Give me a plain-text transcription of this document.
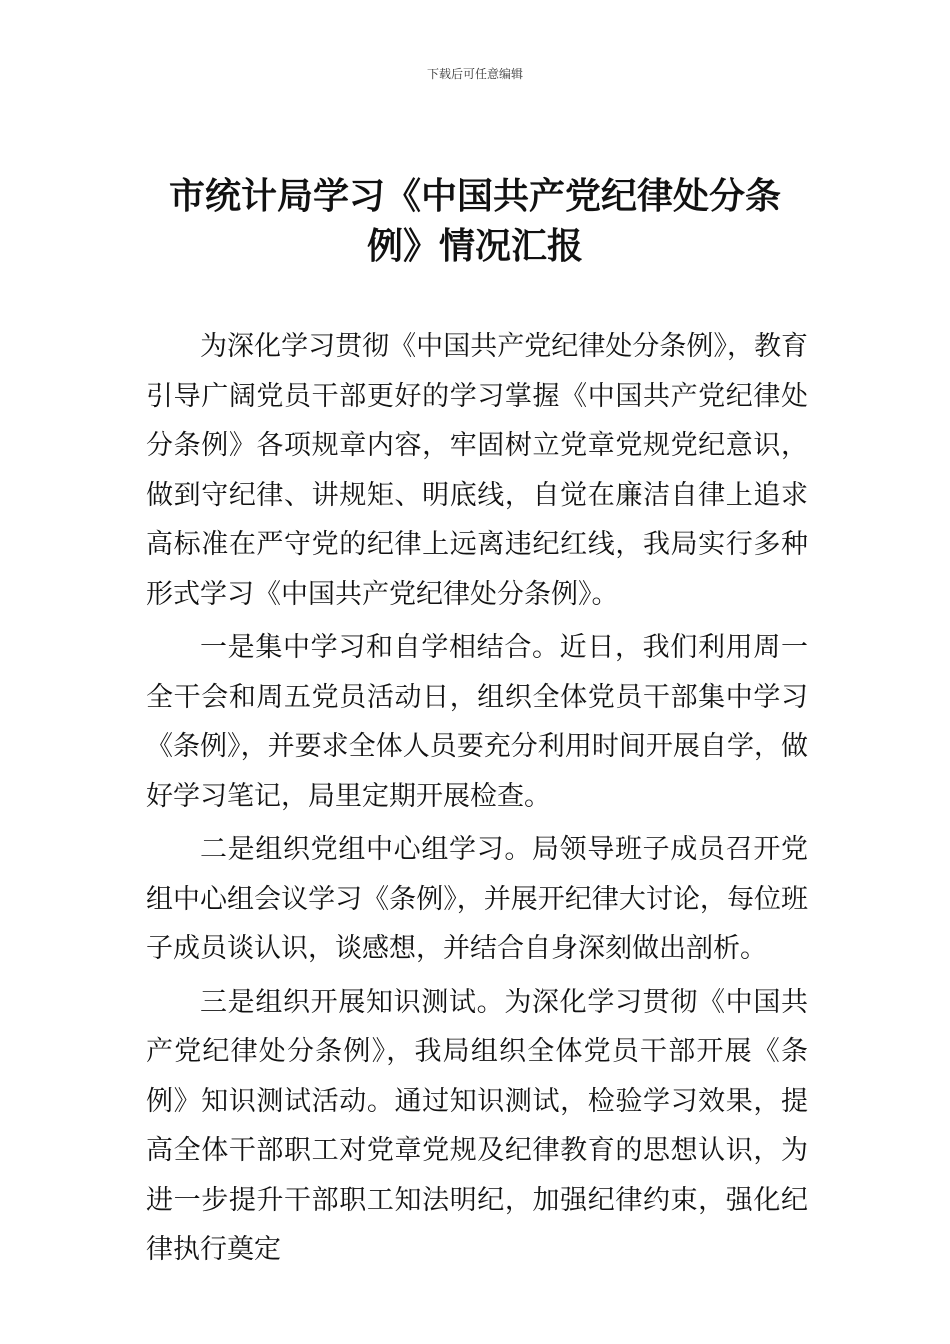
下载后可任意编辑
市统计局学习《中国共产党纪律处分条
例》情况汇报

为深化学习贯彻《中国共产党纪律处分条例》，教育引导广阔党员干部更好的学习掌握《中国共产党纪律处分条例》各项规章内容，牢固树立党章党规党纪意识，做到守纪律、讲规矩、明底线，自觉在廉洁自律上追求高标准在严守党的纪律上远离违纪红线，我局实行多种形式学习《中国共产党纪律处分条例》。

一是集中学习和自学相结合。近日，我们利用周一全干会和周五党员活动日，组织全体党员干部集中学习《条例》，并要求全体人员要充分利用时间开展自学，做好学习笔记，局里定期开展检查。

二是组织党组中心组学习。局领导班子成员召开党组中心组会议学习《条例》，并展开纪律大讨论，每位班子成员谈认识，谈感想，并结合自身深刻做出剖析。

三是组织开展知识测试。为深化学习贯彻《中国共产党纪律处分条例》，我局组织全体党员干部开展《条例》知识测试活动。通过知识测试，检验学习效果，提高全体干部职工对党章党规及纪律教育的思想认识，为进一步提升干部职工知法明纪，加强纪律约束，强化纪律执行奠定
